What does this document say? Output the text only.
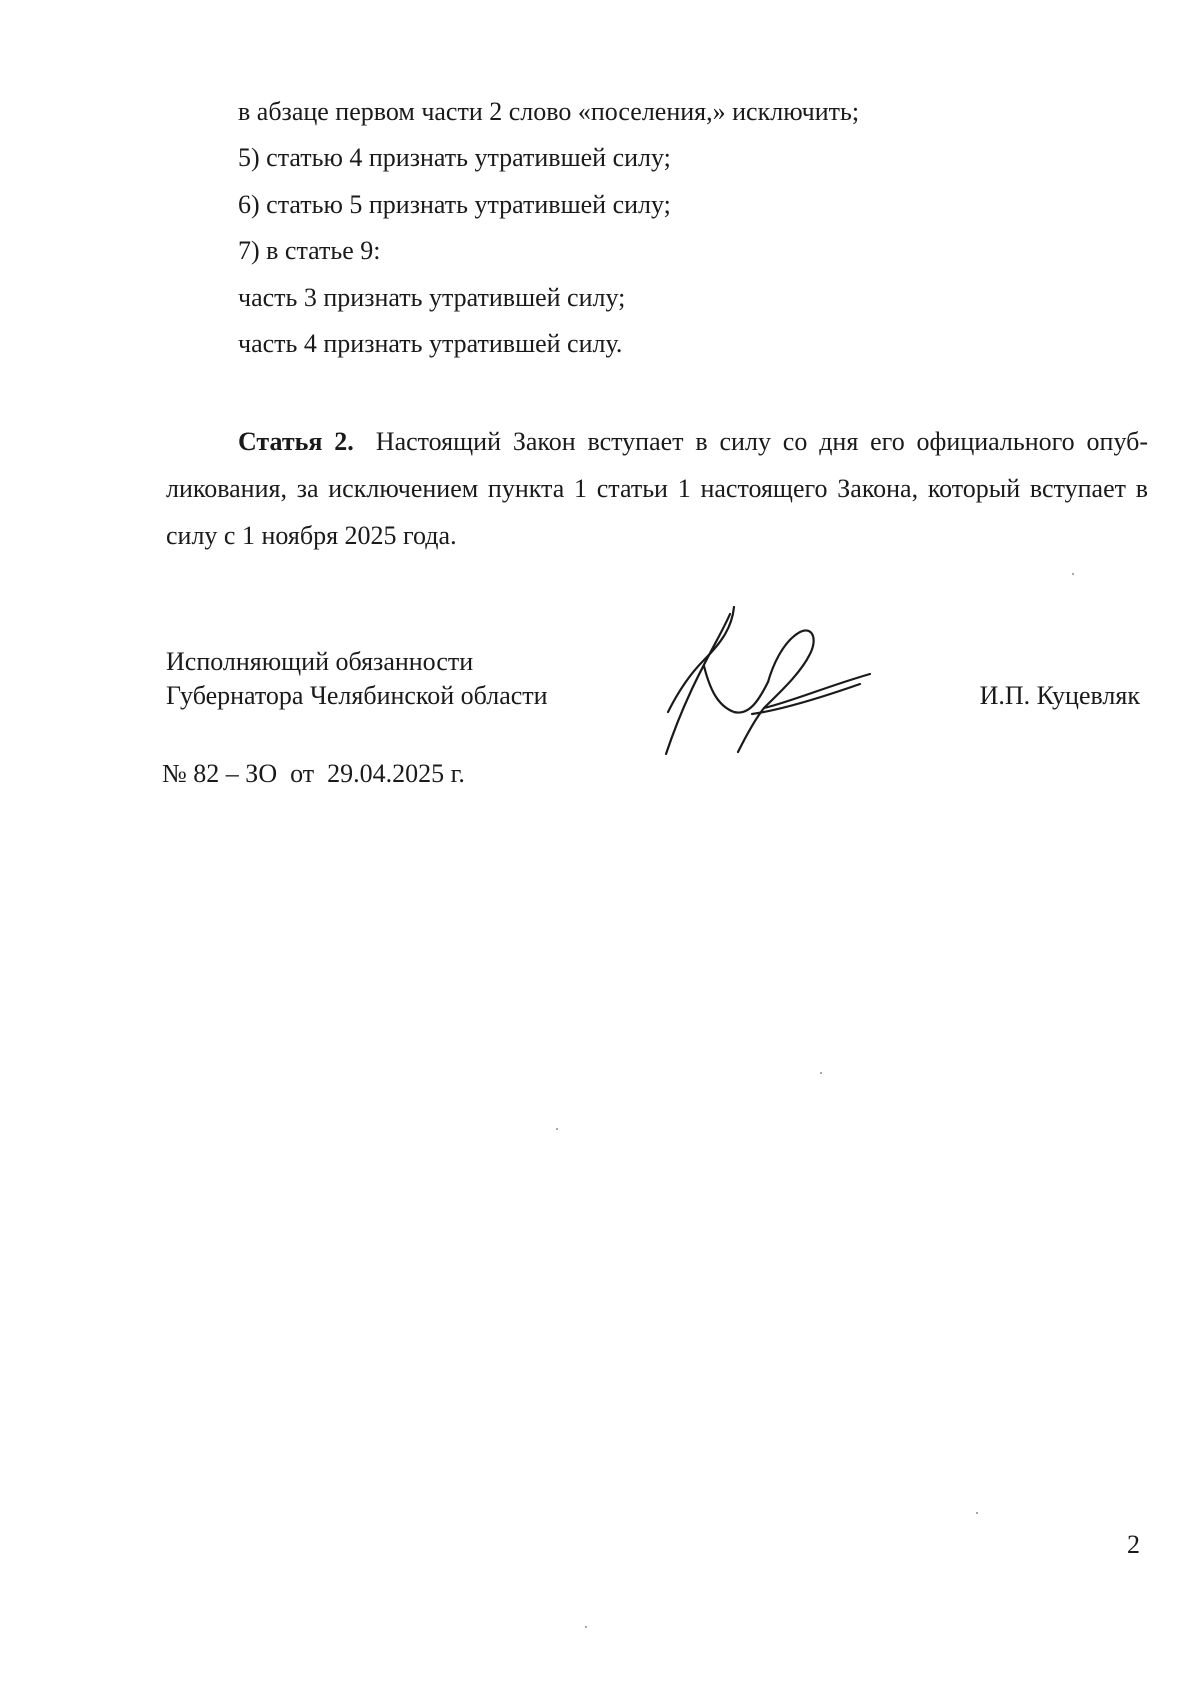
в абзаце первом части 2 слово «поселения,» исключить;
5) статью 4 признать утратившей силу;
6) статью 5 признать утратившей силу;
7) в статье 9:
часть 3 признать утратившей силу;
часть 4 признать утратившей силу.
Статья 2. Настоящий Закон вступает в силу со дня его официального опуб-ликования, за исключением пункта 1 статьи 1 настоящего Закона, который вступает в силу с 1 ноября 2025 года.
Исполняющий обязанности
Губернатора Челябинской области	И.П. Куцевляк
№ 82 – ЗО  от  29.04.2025 г.
2
